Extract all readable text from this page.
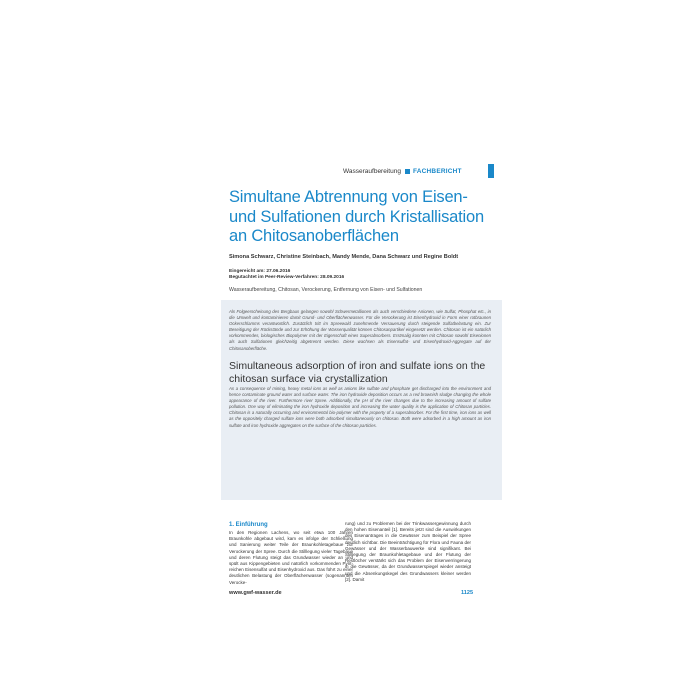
Wasseraufbereitung FACHBERICHT
Simultane Abtrennung von Eisen- und Sulfationen durch Kristallisation an Chitosanoberflächen
Simona Schwarz, Christine Steinbach, Mandy Mende, Dana Schwarz und Regine Boldt
Eingereicht am: 27.06.2016
Begutachtet im Peer-Review-Verfahren: 28.09.2016
Wasseraufbereitung, Chitosan, Verockerung, Entfernung von Eisen- und Sulfationen
Als Folgeerscheinung des Bergbaus gelangen sowohl Schwermetallionen als auch verschiedene Anionen, wie Sulfat, Phosphat etc., in die Umwelt und kontaminieren damit Grund- und Oberflächenwasser. Für die Verockerung ist Eisenhydroxid in Form einer rotbraunen Ockerschlamms verantwortlich. Zusätzlich tritt im Spreewald zunehmende Versauerung durch steigende Sulfatbelastung ein. Zur Beseitigung der Rückstände und zur Erhöhung der Wasserqualität können Chitosanpartikel eingesetzt werden. Chitosan ist ein natürlich vorkommendes, biologisches Biopolymer mit der Eigenschaft eines Superabsorbers. Erstmalig konnten mit Chitosan sowohl Eisenionen als auch Sulfationen gleichzeitig abgetrennt werden. Diese wachsen als Eisensulfat- und Eisenhydroxid-Aggregate auf der Chitosanoberfläche.
Simultaneous adsorption of iron and sulfate ions on the chitosan surface via crystallization
As a consequence of mining, heavy metal ions as well as anions like sulfate and phosphate get discharged into the environment and hence contaminate ground water and surface water. The iron hydroxide deposition occurs as a red brownish sludge changing the whole appearance of the river. Furthermore river Spree. Additionally, the pH of the river changes due to the increasing amount of sulfate pollution. One way of eliminating the iron hydroxide deposition and increasing the water quality is the application of Chitosan particles. Chitosan is a naturally occurring and environmental bio-polymer with the property of a superabsorber. For the first time, iron ions as well as the oppositely charged sulfate ions were both adsorbed simultaneously on chitosan. Both were adsorbed in a high amount as iron sulfate and iron hydroxide aggregates on the surface of the chitosan particles.
1. Einführung
In den Regionen Lachens, wo seit etwa 100 Jahren Braunkohle abgebaut wird, kam es infolge der Schließung und Sanierung weiter Teile der Braunkohletagebaue zur Verockerung der Spree. Durch die Stilllegung vieler Tagebaue und deren Flutung steigt das Grundwasser wieder an und spült aus Kippengebieten und natürlich vorkommenden Pyrit-reichen Eisensulfat und Eisenhydroxid aus. Das führt zu einer deutlichen Belastung der Oberflächenwasser (sogenannten Verocke-
rung) und zu Problemen bei der Trinkwassergewinnung durch den hohen Eisenanteil [1]. Bereits jetzt sind die Auswirkungen des Eisenantrages in die Gewässer zum Beispiel der Spree deutlich sichtbar. Die Beeinträchtigung für Flora und Fauna der Gewässer und der Wasserbauwerke sind signifikant. Bei Stilllegung der Braunkohletagebaue und der Flutung der Restlöcher verstärkt sich das Problem der Eisenverringerung in die Gewässer, da der Grundwasserspiegel wieder ansteigt und die Absenkungskegel des Grundwassers kleiner werden [2]. Damit
www.gwf-wasser.de	1125
